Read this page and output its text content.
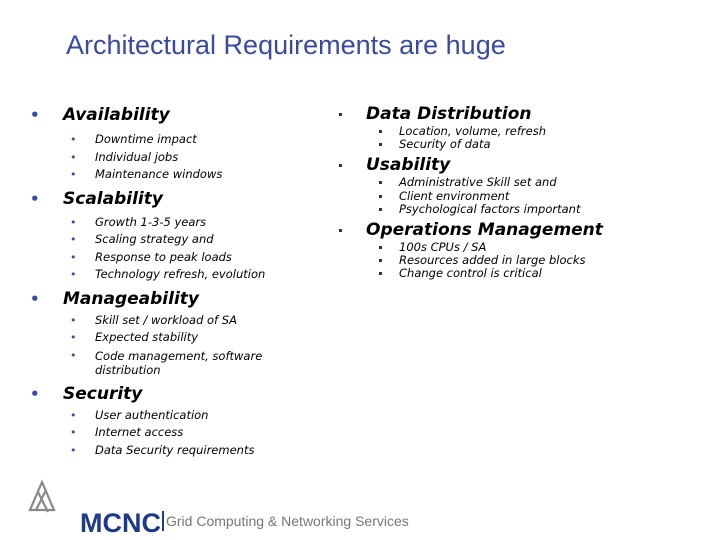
Architectural Requirements are huge
• Availability
• Downtime impact
• Individual jobs
• Maintenance windows
• Scalability
• Growth 1-3-5 years
• Scaling strategy and
• Response to peak loads
• Technology refresh, evolution
• Manageability
• Skill set / workload of SA
• Expected stability
• Code management, software
distribution
• Security
• User authentication
• Internet access
• Data Security requirements
Data Distribution
Location, volume, refresh
Security of data
Usability
Administrative Skill set and
Client environment
Psychological factors important
Operations Management
100s CPUs / SA
Resources added in large blocks
Change control is critical
MCNC Grid Computing & Networking Services
